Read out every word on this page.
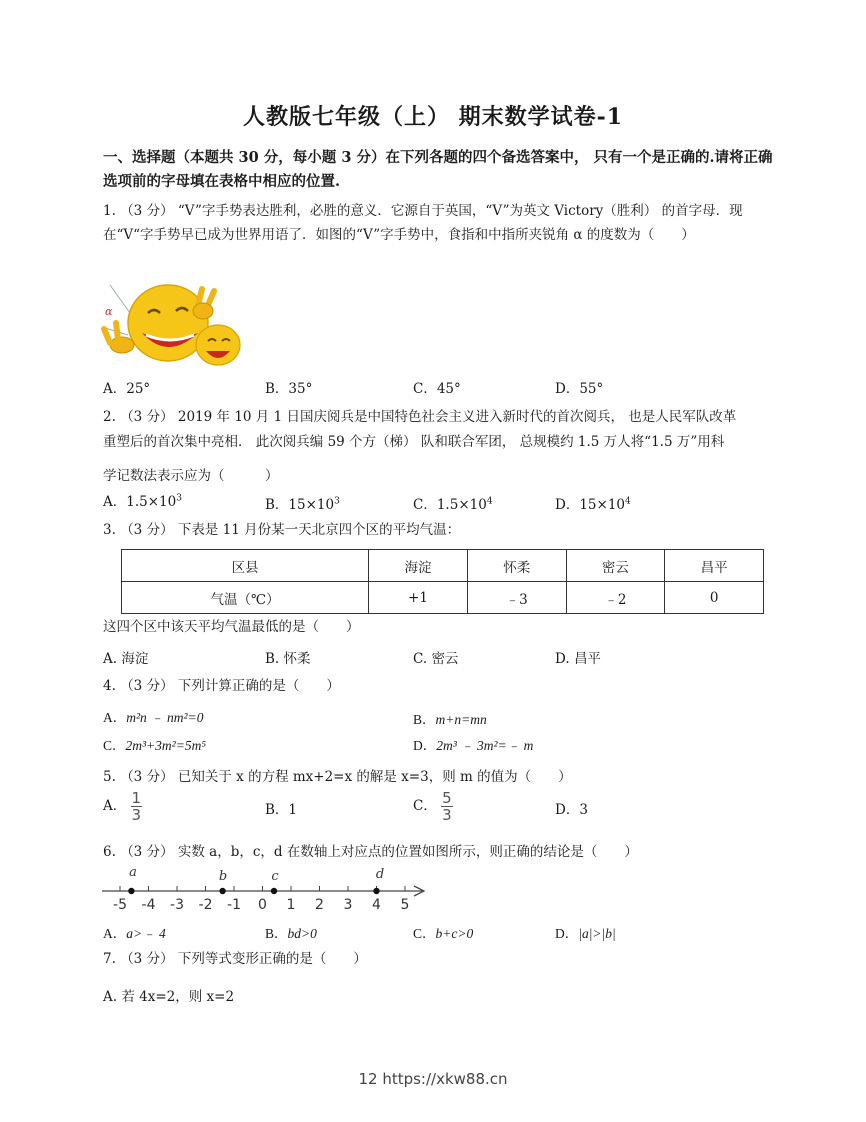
人教版七年级（上） 期末数学试卷-1
一、选择题（本题共 30 分，每小题 3 分）在下列各题的四个备选答案中， 只有一个是正确的.请将正确选项前的字母填在表格中相应的位置.
1. （3 分） “V”字手势表达胜利，必胜的意义．它源自于英国，“V”为英文 Victory（胜利） 的首字母．现在“V“字手势早已成为世界用语了．如图的“V”字手势中，食指和中指所夹锐角 α 的度数为（　　）
α
A．25°	B．35°	C．45°	D．55°
2. （3 分） 2019 年 10 月 1 日国庆阅兵是中国特色社会主义进入新时代的首次阅兵， 也是人民军队改革
重塑后的首次集中亮相． 此次阅兵编 59 个方（梯） 队和联合军团， 总规模约 1.5 万人将“1.5 万”用科
学记数法表示应为（　　　）
A．$1.5\times 10^3$	B．$15\times 10^3$	C．$1.5\times 10^4$	D．$15\times 10^4$
3. （3 分） 下表是 11 月份某一天北京四个区的平均气温：
区县	海淀	怀柔	密云	昌平
气温（℃）	+1	﹣3	﹣2	0
这四个区中该天平均气温最低的是（　　）
A. 海淀	B. 怀柔	C. 密云	D. 昌平
4. （3 分） 下列计算正确的是（　　）
A．m²n ﹣ nm²=0	B．m+n=mn
C．2m³+3m²=5m⁵	D．2m³ ﹣ 3m²=﹣ m
5. （3 分） 已知关于 x 的方程 mx+2=x 的解是 x=3，则 m 的值为（　　）
A． $\frac{1}{3}$	B．1	C． $\frac{5}{3}$	D．3
6. （3 分） 实数 a，b，c，d 在数轴上对应点的位置如图所示，则正确的结论是（　　）
-5 -4 -3 -2 -1 0 1 2 3 4 5
a	b	c	d
A．a>﹣ 4	B．bd>0	C．b+c>0	D．|a|>|b|
7. （3 分） 下列等式变形正确的是（　　）
A. 若 4x=2，则 x=2
12 https://xkw88.cn
